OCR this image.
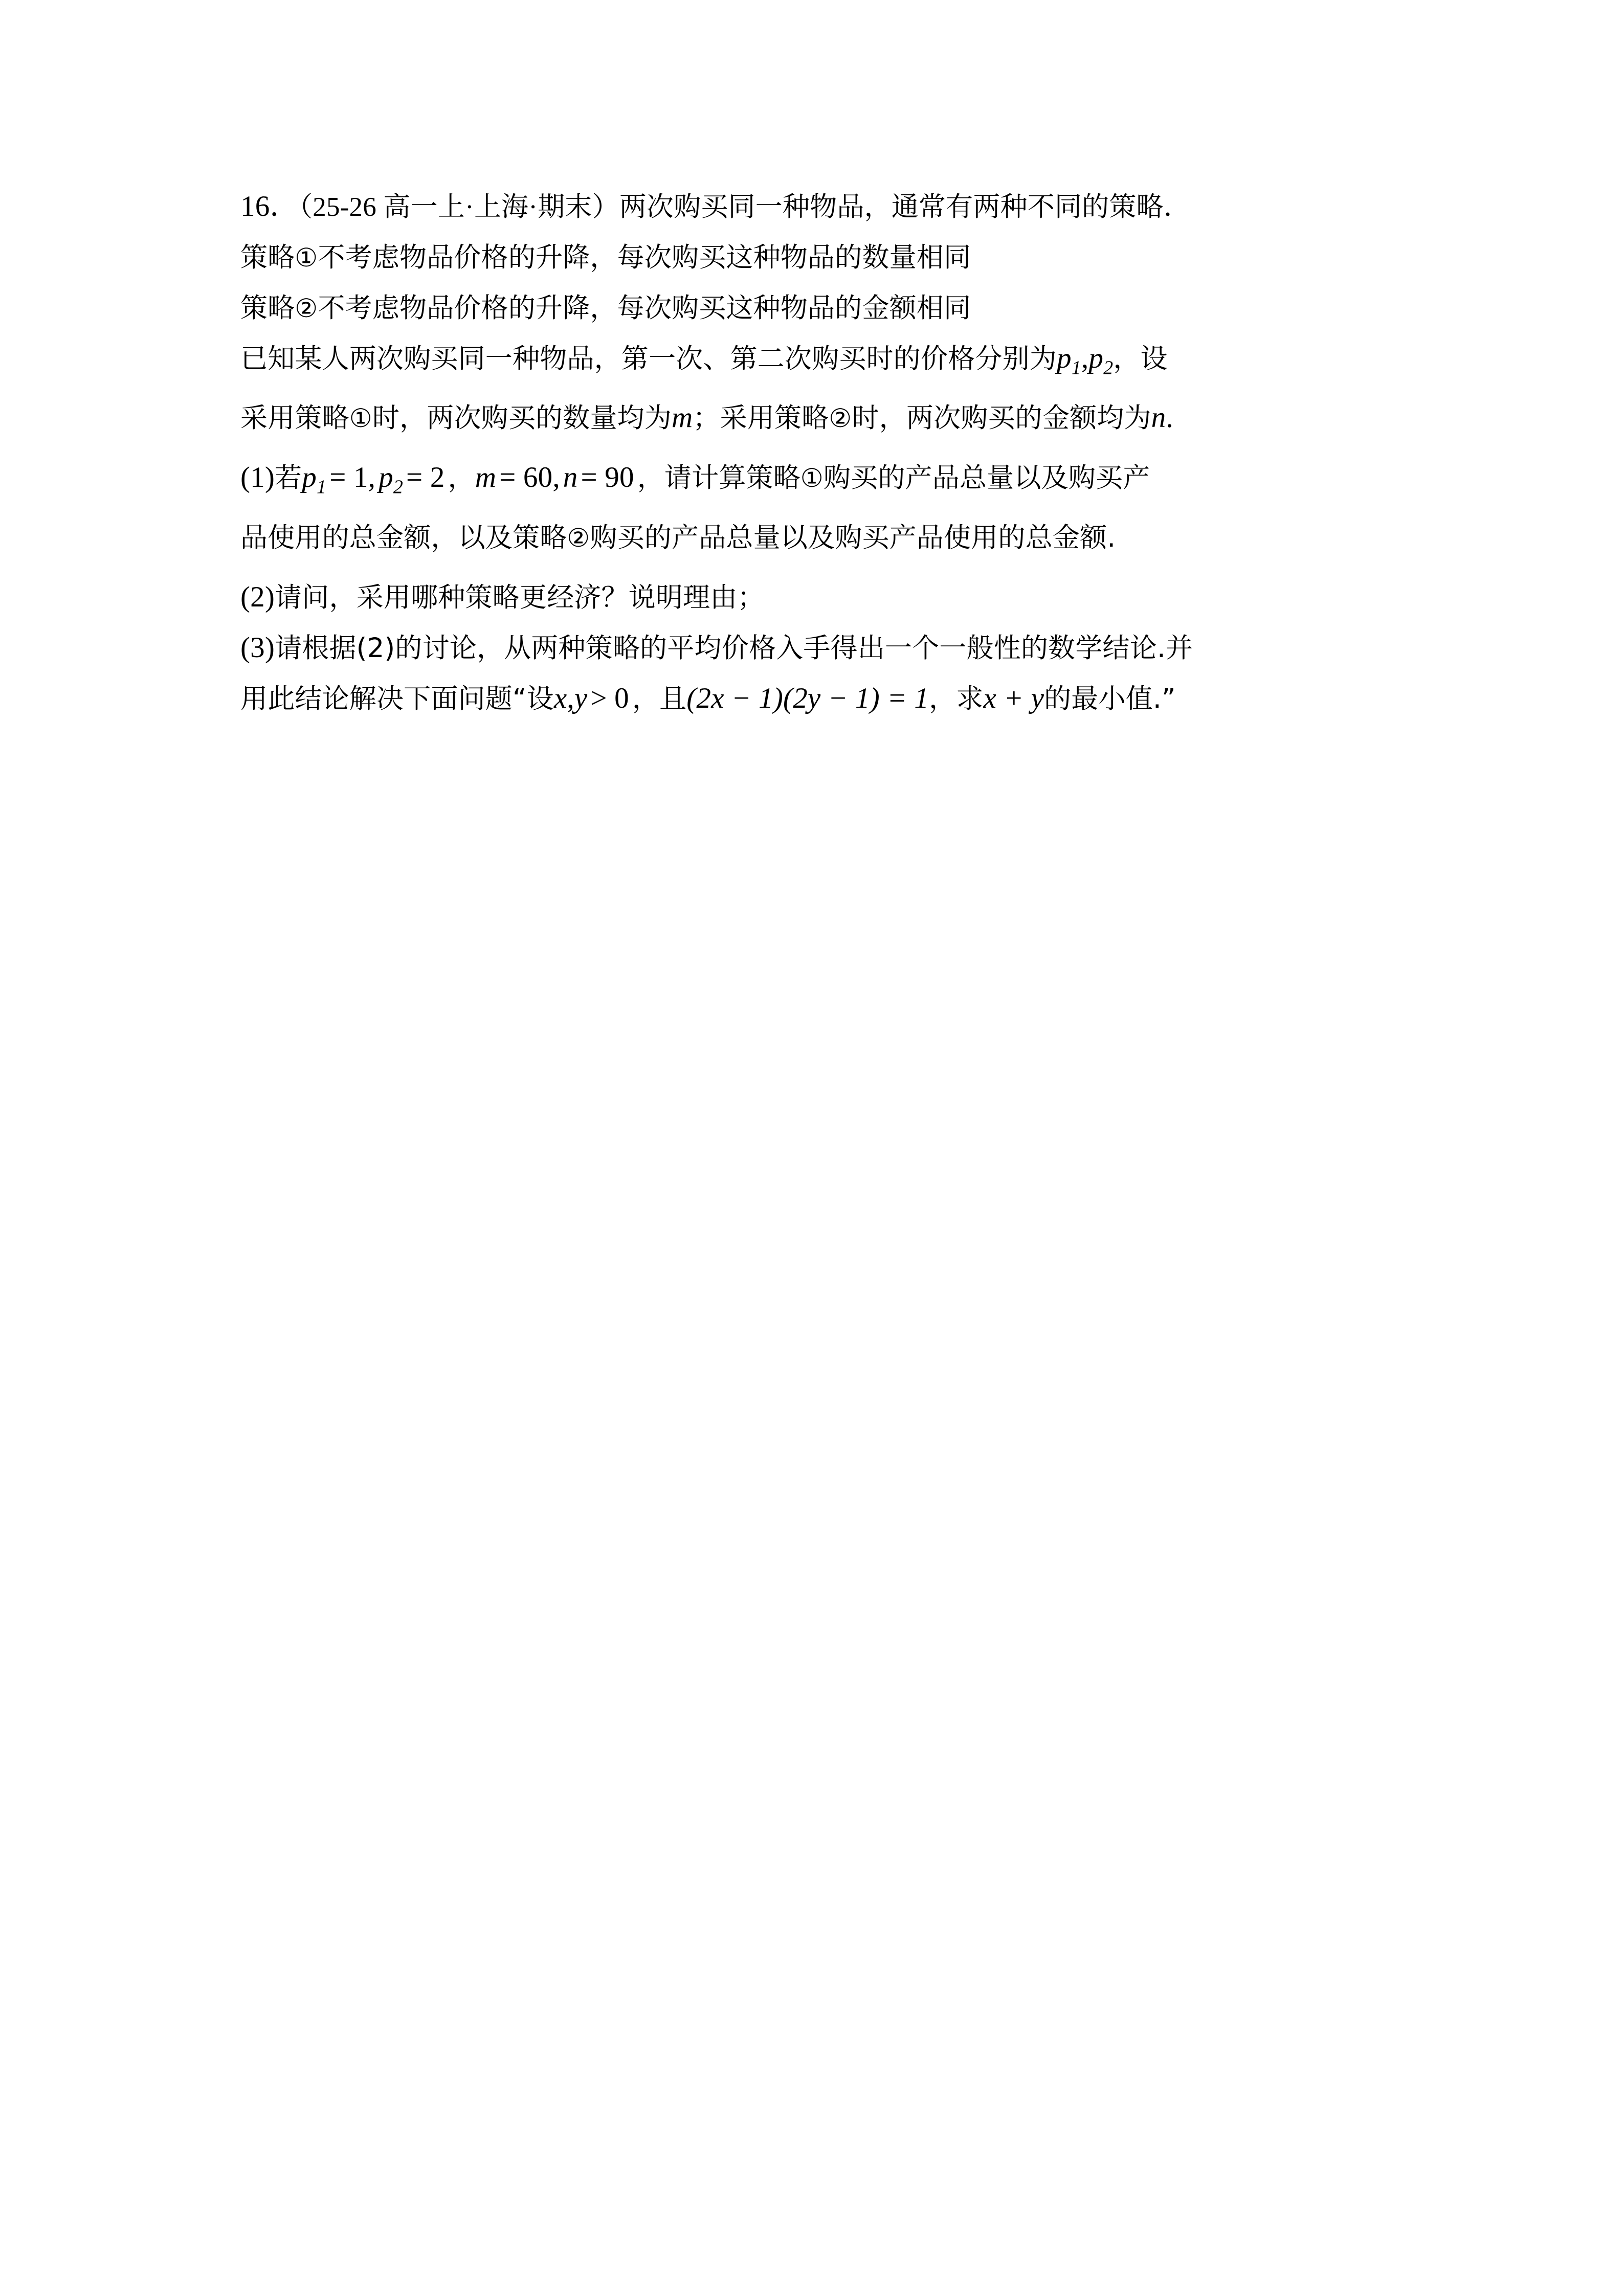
16．（25-26 高一上·上海·期末）两次购买同一种物品，通常有两种不同的策略．
策略①不考虑物品价格的升降，每次购买这种物品的数量相同
策略②不考虑物品价格的升降，每次购买这种物品的金额相同
已知某人两次购买同一种物品，第一次、第二次购买时的价格分别为$p_1,p_2$，设
采用策略①时，两次购买的数量均为m；采用策略②时，两次购买的金额均为n.
(1)若$p_1 = 1$, $p_2 = 2$ ，m = 60, n = 90 ，请计算策略①购买的产品总量以及购买产
品使用的总金额，以及策略②购买的产品总量以及购买产品使用的总金额.
(2)请问，采用哪种策略更经济？说明理由；
(3)请根据(2)的讨论，从两种策略的平均价格入手得出一个一般性的数学结论.并
用此结论解决下面问题“设x,y > 0 ，且(2x − 1)(2y − 1) = 1，求x + y的最小值.”
